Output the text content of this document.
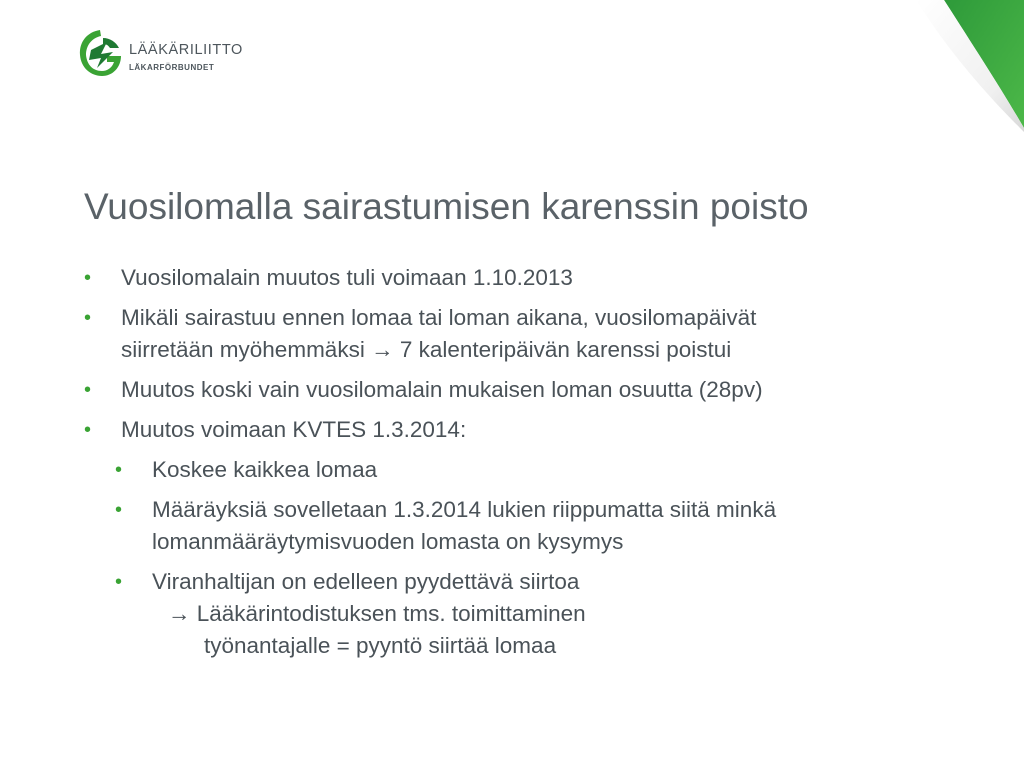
LÄÄKÄRILIITTO
LÄKARFÖRBUNDET
Vuosilomalla sairastumisen karenssin poisto
• Vuosilomalain muutos tuli voimaan 1.10.2013
• Mikäli sairastuu ennen lomaa tai loman aikana, vuosilomapäivät
siirretään myöhemmäksi → 7 kalenteripäivän karenssi poistui
• Muutos koski vain vuosilomalain mukaisen loman osuutta (28pv)
• Muutos voimaan KVTES 1.3.2014:
• Koskee kaikkea lomaa
• Määräyksiä sovelletaan 1.3.2014 lukien riippumatta siitä minkä
lomanmääräytymisvuoden lomasta on kysymys
• Viranhaltijan on edelleen pyydettävä siirtoa
→ Lääkärintodistuksen tms. toimittaminen
työnantajalle = pyyntö siirtää lomaa
